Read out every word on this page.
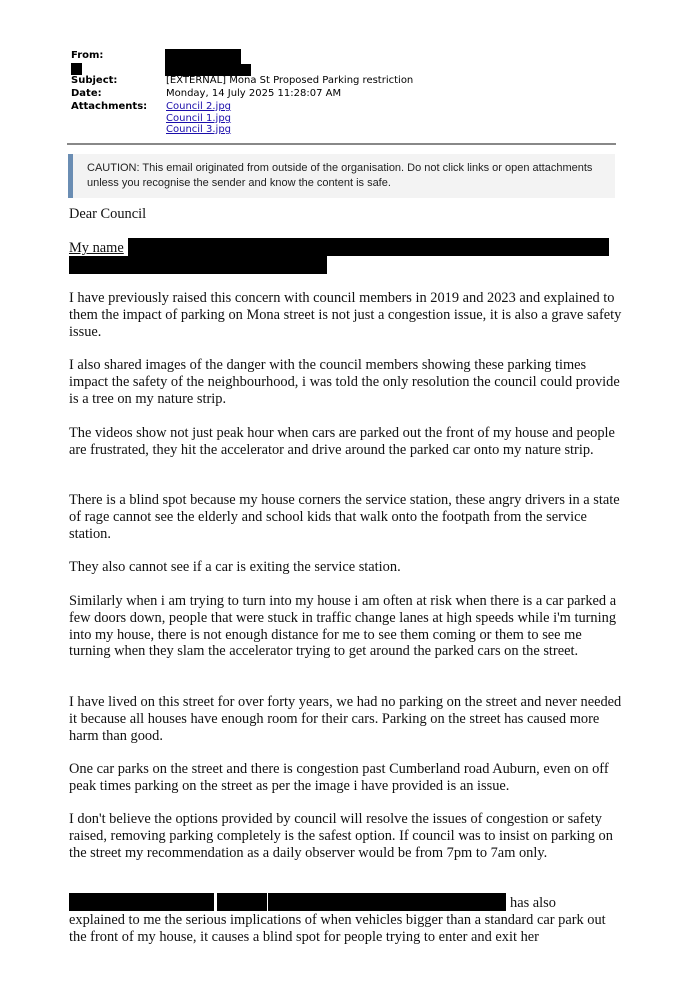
From:
Subject:	[EXTERNAL] Mona St Proposed Parking restriction
Date:	Monday, 14 July 2025 11:28:07 AM
Attachments: Council 2.jpg
Council 1.jpg
Council 3.jpg
CAUTION: This email originated from outside of the organisation. Do not click links or open attachments unless you recognise the sender and know the content is safe.
Dear Council
My name
I have previously raised this concern with council members in 2019 and 2023 and explained to them the impact of parking on Mona street is not just a congestion issue, it is also a grave safety issue.
I also shared images of the danger with the council members showing these parking times impact the safety of the neighbourhood, i was told the only resolution the council could provide is a tree on my nature strip.
The videos show not just peak hour when cars are parked out the front of my house and people are frustrated, they hit the accelerator and drive around the parked car onto my nature strip.
There is a blind spot because my house corners the service station, these angry drivers in a state of rage cannot see the elderly and school kids that walk onto the footpath from the service station.
They also cannot see if a car is exiting the service station.
Similarly when i am trying to turn into my house i am often at risk when there is a car parked a few doors down, people that were stuck in traffic change lanes at high speeds while i'm turning into my house, there is not enough distance for me to see them coming or them to see me turning when they slam the accelerator trying to get around the parked cars on the street.
I have lived on this street for over forty years, we had no parking on the street and never needed it because all houses have enough room for their cars. Parking on the street has caused more harm than good.
One car parks on the street and there is congestion past Cumberland road Auburn, even on off peak times parking on the street as per the image i have provided is an issue.
I don't believe the options provided by council will resolve the issues of congestion or safety raised, removing parking completely is the safest option. If council was to insist on parking on the street my recommendation as a daily observer would be from 7pm to 7am only.
has also
explained to me the serious implications of when vehicles bigger than a standard car park out the front of my house, it causes a blind spot for people trying to enter and exit her
